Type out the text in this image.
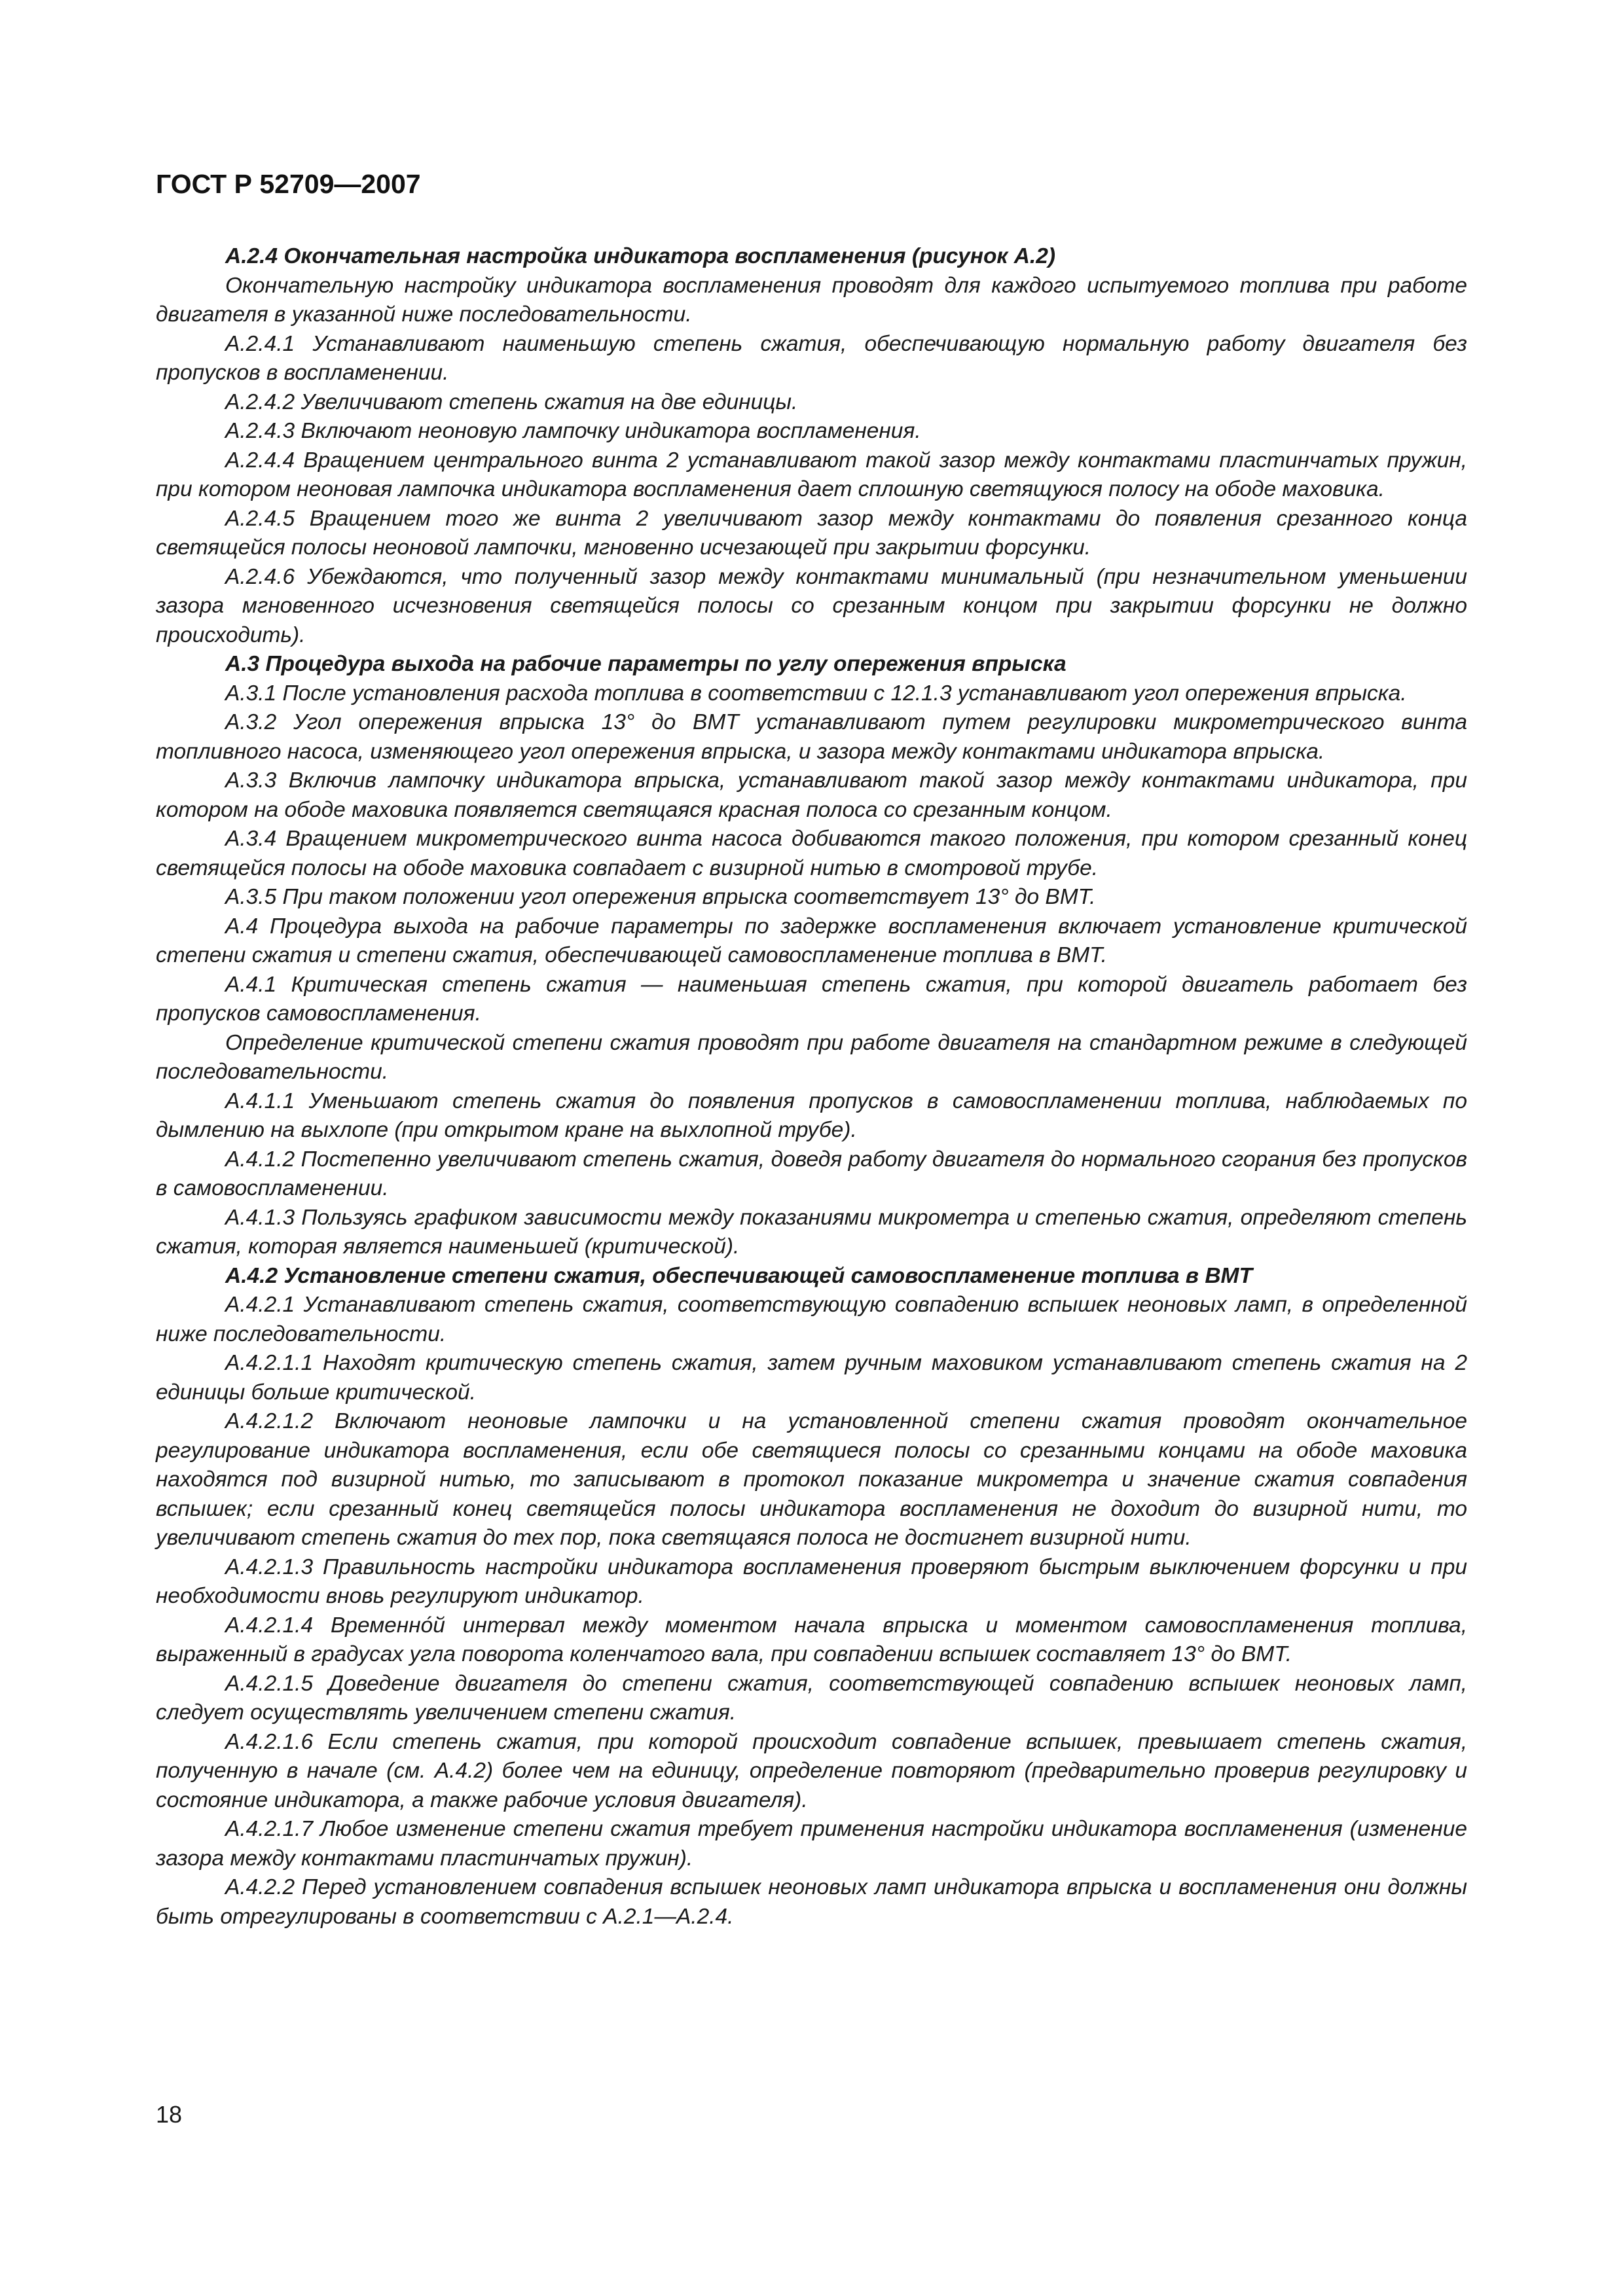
ГОСТ Р 52709—2007

А.2.4 Окончательная настройка индикатора воспламенения (рисунок А.2)

Окончательную настройку индикатора воспламенения проводят для каждого испытуемого топлива при работе двигателя в указанной ниже последовательности.

А.2.4.1 Устанавливают наименьшую степень сжатия, обеспечивающую нормальную работу двигателя без пропусков в воспламенении.

А.2.4.2 Увеличивают степень сжатия на две единицы.

А.2.4.3 Включают неоновую лампочку индикатора воспламенения.

А.2.4.4 Вращением центрального винта 2 устанавливают такой зазор между контактами пластинчатых пружин, при котором неоновая лампочка индикатора воспламенения дает сплошную светящуюся полосу на ободе маховика.

А.2.4.5 Вращением того же винта 2 увеличивают зазор между контактами до появления срезанного конца светящейся полосы неоновой лампочки, мгновенно исчезающей при закрытии форсунки.

А.2.4.6 Убеждаются, что полученный зазор между контактами минимальный (при незначительном уменьшении зазора мгновенного исчезновения светящейся полосы со срезанным концом при закрытии форсунки не должно происходить).

А.3 Процедура выхода на рабочие параметры по углу опережения впрыска

А.3.1 После установления расхода топлива в соответствии с 12.1.3 устанавливают угол опережения впрыска.

А.3.2 Угол опережения впрыска 13° до ВМТ устанавливают путем регулировки микрометрического винта топливного насоса, изменяющего угол опережения впрыска, и зазора между контактами индикатора впрыска.

А.3.3 Включив лампочку индикатора впрыска, устанавливают такой зазор между контактами индикатора, при котором на ободе маховика появляется светящаяся красная полоса со срезанным концом.

А.3.4 Вращением микрометрического винта насоса добиваются такого положения, при котором срезанный конец светящейся полосы на ободе маховика совпадает с визирной нитью в смотровой трубе.

А.3.5 При таком положении угол опережения впрыска соответствует 13° до ВМТ.

А.4 Процедура выхода на рабочие параметры по задержке воспламенения включает установление критической степени сжатия и степени сжатия, обеспечивающей самовоспламенение топлива в ВМТ.

А.4.1 Критическая степень сжатия — наименьшая степень сжатия, при которой двигатель работает без пропусков самовоспламенения.

Определение критической степени сжатия проводят при работе двигателя на стандартном режиме в следующей последовательности.

А.4.1.1 Уменьшают степень сжатия до появления пропусков в самовоспламенении топлива, наблюдаемых по дымлению на выхлопе (при открытом кране на выхлопной трубе).

А.4.1.2 Постепенно увеличивают степень сжатия, доведя работу двигателя до нормального сгорания без пропусков в самовоспламенении.

А.4.1.3 Пользуясь графиком зависимости между показаниями микрометра и степенью сжатия, определяют степень сжатия, которая является наименьшей (критической).

А.4.2 Установление степени сжатия, обеспечивающей самовоспламенение топлива в ВМТ

А.4.2.1 Устанавливают степень сжатия, соответствующую совпадению вспышек неоновых ламп, в определенной ниже последовательности.

А.4.2.1.1 Находят критическую степень сжатия, затем ручным маховиком устанавливают степень сжатия на 2 единицы больше критической.

А.4.2.1.2 Включают неоновые лампочки и на установленной степени сжатия проводят окончательное регулирование индикатора воспламенения, если обе светящиеся полосы со срезанными концами на ободе маховика находятся под визирной нитью, то записывают в протокол показание микрометра и значение сжатия совпадения вспышек; если срезанный конец светящейся полосы индикатора воспламенения не доходит до визирной нити, то увеличивают степень сжатия до тех пор, пока светящаяся полоса не достигнет визирной нити.

А.4.2.1.3 Правильность настройки индикатора воспламенения проверяют быстрым выключением форсунки и при необходимости вновь регулируют индикатор.

А.4.2.1.4 Временно́й интервал между моментом начала впрыска и моментом самовоспламенения топлива, выраженный в градусах угла поворота коленчатого вала, при совпадении вспышек составляет 13° до ВМТ.

А.4.2.1.5 Доведение двигателя до степени сжатия, соответствующей совпадению вспышек неоновых ламп, следует осуществлять увеличением степени сжатия.

А.4.2.1.6 Если степень сжатия, при которой происходит совпадение вспышек, превышает степень сжатия, полученную в начале (см. А.4.2) более чем на единицу, определение повторяют (предварительно проверив регулировку и состояние индикатора, а также рабочие условия двигателя).

А.4.2.1.7 Любое изменение степени сжатия требует применения настройки индикатора воспламенения (изменение зазора между контактами пластинчатых пружин).

А.4.2.2 Перед установлением совпадения вспышек неоновых ламп индикатора впрыска и воспламенения они должны быть отрегулированы в соответствии с А.2.1—А.2.4.

18
